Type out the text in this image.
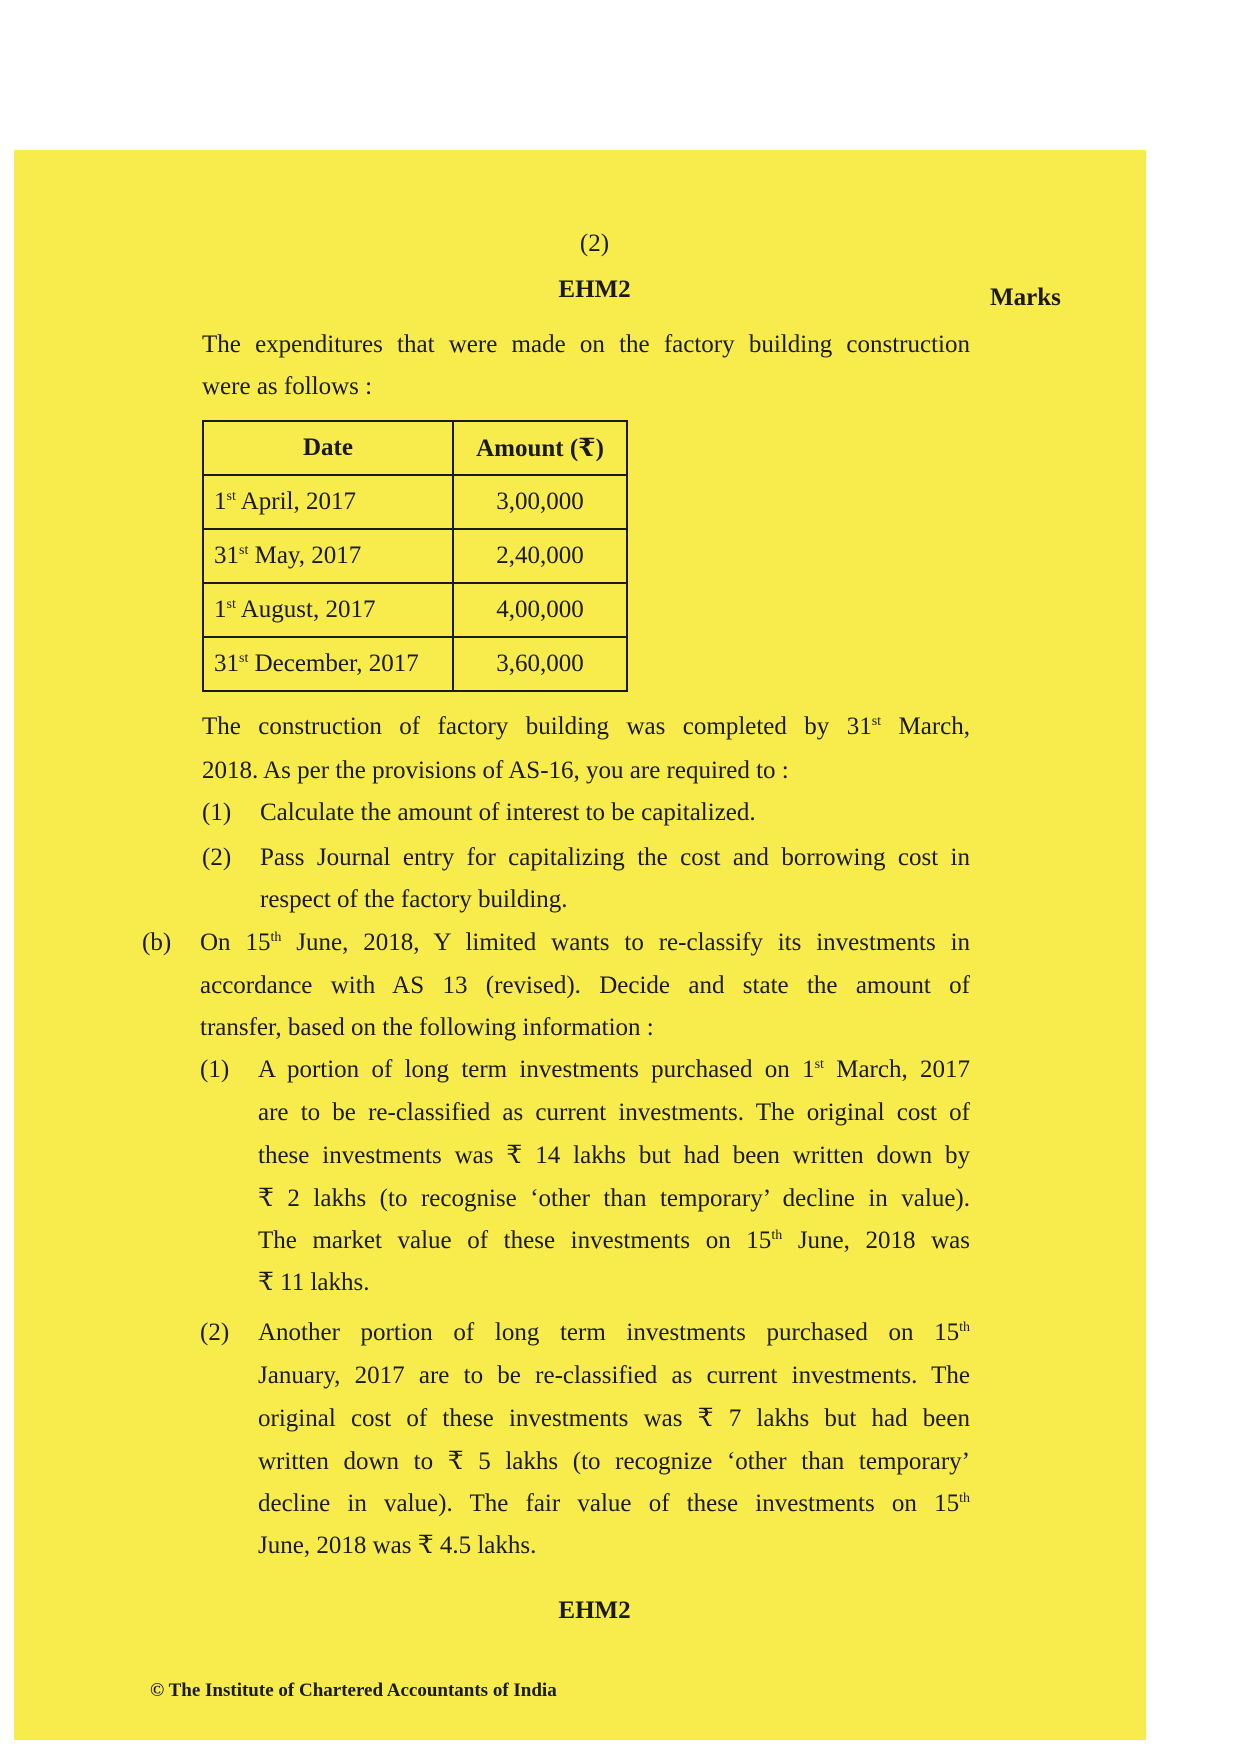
(2)
EHM2	Marks
The expenditures that were made on the factory building construction
were as follows :
Date	Amount (₹)
1st April, 2017	3,00,000
31st May, 2017	2,40,000
1st August, 2017	4,00,000
31st December, 2017	3,60,000
The construction of factory building was completed by 31st March,
2018. As per the provisions of AS-16, you are required to :
(1) Calculate the amount of interest to be capitalized.
(2) Pass Journal entry for capitalizing the cost and borrowing cost in
respect of the factory building.
(b) On 15th June, 2018, Y limited wants to re-classify its investments in
accordance with AS 13 (revised). Decide and state the amount of
transfer, based on the following information :
(1) A portion of long term investments purchased on 1st March, 2017
are to be re-classified as current investments. The original cost of
these investments was ₹ 14 lakhs but had been written down by
₹ 2 lakhs (to recognise ‘other than temporary’ decline in value).
The market value of these investments on 15th June, 2018 was
₹ 11 lakhs.
(2) Another portion of long term investments purchased on 15th
January, 2017 are to be re-classified as current investments. The
original cost of these investments was ₹ 7 lakhs but had been
written down to ₹ 5 lakhs (to recognize ‘other than temporary’
decline in value). The fair value of these investments on 15th
June, 2018 was ₹ 4.5 lakhs.
EHM2
© The Institute of Chartered Accountants of India
